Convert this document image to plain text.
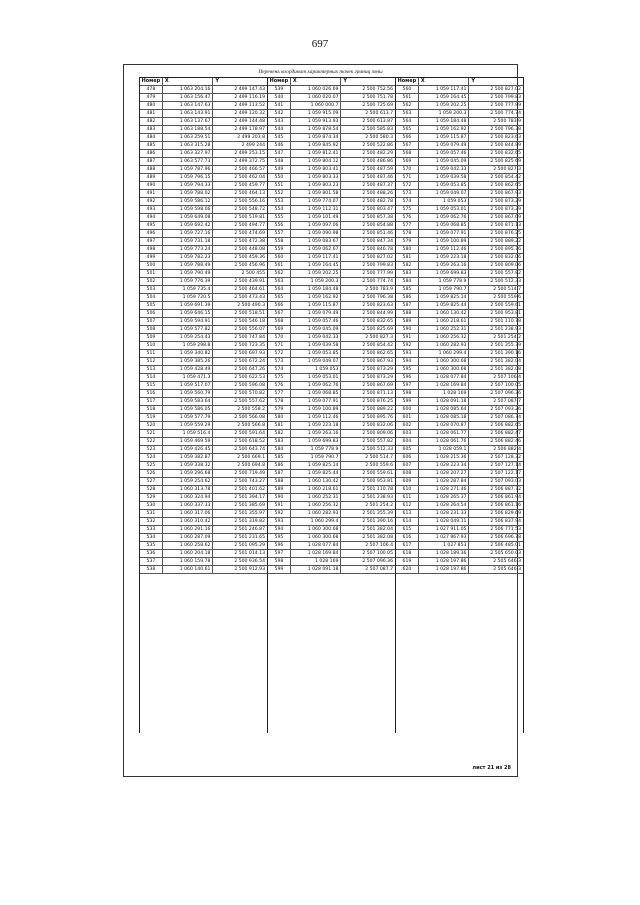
697
Перечень координат характерных точек границ зоны
Номер X	Y
478	1 063 204.16	2 499 147.43
479	1 063 156.47	2 499 116.19
480	1 063 147.63	2 499 113.52
481	1 063 143.91	2 499 120.32
482	1 063 137.67	2 499 144.48
483	1 063 188.54	2 499 178.97
484	1 063 259.51	2 499 203.8
485	1 063 315.28	2 499 244
486	1 063 327.97	2 499 253.15
487	1 063 577.73	2 499 372.75
488	1 059 787.96	2 500 466.57
489	1 059 796.15	2 500 462.04
490	1 059 794.33	2 500 459.77
491	1 059 788.02	2 500 464.13
492	1 059 586.12	2 500 556.16
493	1 059 598.06	2 500 548.72
494	1 059 649.08	2 500 519.81
495	1 059 692.42	2 500 494.77
496	1 059 727.16	2 500 474.69
497	1 059 731.18	2 500 472.38
498	1 059 773.24	2 500 448.08
499	1 059 782.23	2 500 459.36
500	1 059 788.49	2 500 456.96
501	1 059 790.49	2 500 455
502	1 059 776.39	2 500 439.91
503	1 059 735.4	2 500 464.61
504	1 059 720.5	2 500 473.43
505	1 059 691.39	2 500 490.3
506	1 059 646.15	2 500 518.51
507	1 059 594.91	2 500 546.18
508	1 059 577.82	2 500 556.07
509	1 059 254.43	2 500 747.84
510	1 059 298.8	2 500 723.35
511	1 059 340.82	2 500 697.93
512	1 059 385.26	2 500 672.24
513	1 059 428.49	2 500 647.26
514	1 059 471.3	2 500 622.53
515	1 059 517.07	2 500 596.08
516	1 059 560.79	2 500 570.82
517	1 059 583.64	2 500 557.62
518	1 059 586.05	2 500 558.2
519	1 059 577.79	2 500 566.08
520	1 059 559.29	2 500 566.8
521	1 059 516.4	2 500 591.64
522	1 059 469.59	2 500 618.52
523	1 059 426.45	2 500 643.74
524	1 059 382.87	2 500 669.1
525	1 059 338.32	2 500 694.8
526	1 059 296.68	2 500 719.49
527	1 059 254.62	2 500 743.27
528	1 060 313.78	2 501 401.62
529	1 060 324.94	2 501 394.17
530	1 060 337.33	2 501 385.69
531	1 060 317.06	2 501 355.97
532	1 060 310.42	2 501 319.82
533	1 060 291.16	2 501 246.87
534	1 060 287.09	2 501 231.65
535	1 060 258.62	2 501 095.29
536	1 060 204.18	2 501 014.13
537	1 060 159.78	2 500 936.54
538	1 060 140.61	2 500 912.93
Номер X	Y
539	1 060 026.69	2 500 752.56
540	1 060 020.07	2 500 751.78
541	1 060 000.7	2 500 725.69
542	1 059 915.09	2 500 613.7
543	1 059 913.93	2 500 613.87
544	1 059 878.54	2 500 585.83
545	1 059 874.34	2 500 580.3
546	1 059 845.92	2 500 522.86
547	1 059 812.41	2 500 482.29
548	1 059 804.12	2 500 486.86
549	1 059 803.41	2 500 487.59
550	1 059 803.33	2 500 487.46
551	1 059 803.23	2 500 487.37
552	1 059 801.58	2 500 488.26
553	1 059 774.07	2 500 482.78
554	1 059 112.31	2 500 803.47
555	1 059 101.49	2 500 857.38
556	1 059 097.06	2 500 854.88
557	1 059 090.98	2 500 851.46
558	1 059 083.67	2 500 847.34
559	1 059 062.67	2 500 846.78
560	1 059 117.41	2 500 827.02
561	1 059 164.45	2 500 799.83
562	1 059 202.25	2 500 777.99
563	1 059 200.3	2 500 774.74
564	1 059 184.48	2 500 783.9
565	1 059 162.92	2 500 796.38
566	1 059 115.87	2 500 823.63
567	1 059 079.49	2 500 844.99
568	1 059 057.46	2 500 832.65
569	1 059 045.09	2 500 825.69
570	1 059 042.33	2 500 827.3
571	1 059 039.58	2 500 854.42
572	1 059 053.85	2 500 862.65
573	1 059 049.07	2 500 867.93
574	1 059 053	2 500 873.29
575	1 059 053.01	2 500 873.29
576	1 059 062.76	2 500 867.69
577	1 059 068.85	2 500 871.13
578	1 059 077.91	2 500 876.25
579	1 059 100.89	2 500 889.22
580	1 059 112.46	2 500 895.76
581	1 059 223.18	2 500 832.06
582	1 059 263.16	2 500 809.06
583	1 059 699.83	2 500 557.82
584	1 059 778.9	2 500 512.33
585	1 059 790.7	2 500 514.7
586	1 059 825.14	2 500 559.6
587	1 059 825.44	2 500 559.61
588	1 060 130.42	2 500 953.81
589	1 060 218.61	2 501 110.78
590	1 060 252.31	2 501 238.93
591	1 060 256.32	2 501 254.2
592	1 060 282.93	2 501 355.39
593	1 060 299.4	2 501 390.16
594	1 060 300.68	2 501 382.04
595	1 060 300.68	2 501 382.08
596	1 028 077.84	2 507 106.4
597	1 028 169.84	2 507 100.05
598	1 028 169	2 507 096.36
599	1 028 091.18	2 507 087.7
Номер X	Y
560	1 059 117.41	2 500 827.02
561	1 059 164.45	2 500 799.83
562	1 059 202.25	2 500 777.99
563	1 059 200.3	2 500 774.74
564	1 059 184.48	2 500 783.9
565	1 059 162.92	2 500 796.38
566	1 059 115.87	2 500 823.63
567	1 059 079.49	2 500 844.99
568	1 059 057.46	2 500 832.65
569	1 059 045.09	2 500 825.69
570	1 059 042.33	2 500 827.3
571	1 059 039.58	2 500 854.42
572	1 059 053.85	2 500 862.65
573	1 059 049.07	2 500 867.93
574	1 059 053	2 500 873.29
575	1 059 053.01	2 500 873.29
576	1 059 062.76	2 500 867.69
577	1 059 068.85	2 500 871.13
578	1 059 077.91	2 500 876.25
579	1 059 100.89	2 500 889.22
580	1 059 112.46	2 500 895.76
581	1 059 223.18	2 500 832.06
582	1 059 263.16	2 500 809.06
583	1 059 699.83	2 500 557.82
584	1 059 778.9	2 500 512.33
585	1 059 790.7	2 500 514.7
586	1 059 825.14	2 500 559.6
587	1 059 825.44	2 500 559.61
588	1 060 130.42	2 500 953.81
589	1 060 218.61	2 501 110.78
590	1 060 252.31	2 501 238.93
591	1 060 256.32	2 501 254.2
592	1 060 282.93	2 501 355.39
593	1 060 299.4	2 501 390.16
594	1 060 300.68	2 501 382.04
595	1 060 300.68	2 501 382.08
596	1 028 077.84	2 507 106.4
597	1 028 169.84	2 507 100.05
598	1 028 169	2 507 096.36
599	1 028 091.18	2 507 087.7
600	1 028 085.64	2 507 093.26
601	1 028 085.18	2 507 086.74
602	1 028 070.87	2 506 882.65
603	1 028 061.77	2 506 882.47
604	1 028 061.76	2 506 882.46
605	1 028 059.1	2 506 882.4
606	1 028 215.36	2 507 128.32
607	1 028 223.34	2 507 127.14
608	1 028 207.27	2 507 122.17
609	1 028 287.84	2 507 093.03
610	1 028 271.46	2 506 887.72
611	1 028 265.37	2 506 861.94
612	1 028 264.54	2 506 861.16
613	1 028 231.33	2 506 829.69
614	1 028 049.11	2 506 837.94
615	1 027 911.05	2 506 771.53
616	1 027 867.93	2 506 696.78
617	1 027 853	2 506 485.01
618	1 028 189.36	2 505 650.03
619	1 028 197.86	2 505 646.3
620	1 028 197.86	2 505 646.3
лист 21 из 28
